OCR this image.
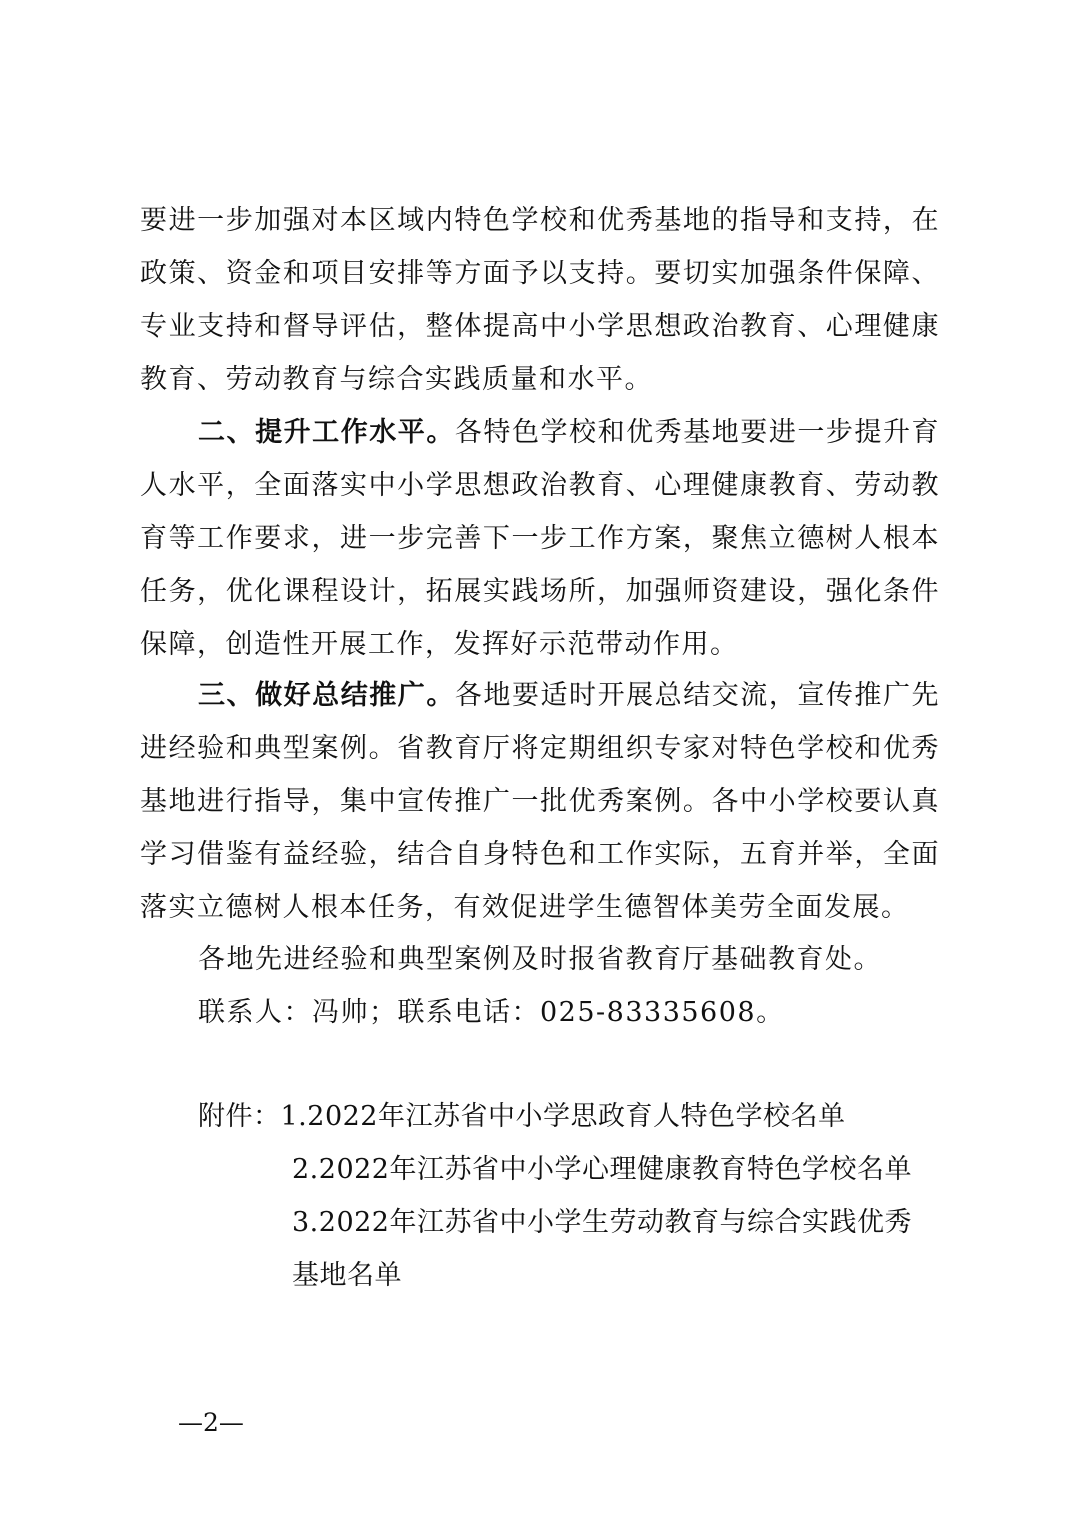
要进一步加强对本区域内特色学校和优秀基地的指导和支持，在
政策、资金和项目安排等方面予以支持。要切实加强条件保障、
专业支持和督导评估，整体提高中小学思想政治教育、心理健康
教育、劳动教育与综合实践质量和水平。
二、提升工作水平。各特色学校和优秀基地要进一步提升育
人水平，全面落实中小学思想政治教育、心理健康教育、劳动教
育等工作要求，进一步完善下一步工作方案，聚焦立德树人根本
任务，优化课程设计，拓展实践场所，加强师资建设，强化条件
保障，创造性开展工作，发挥好示范带动作用。
三、做好总结推广。各地要适时开展总结交流，宣传推广先
进经验和典型案例。省教育厅将定期组织专家对特色学校和优秀
基地进行指导，集中宣传推广一批优秀案例。各中小学校要认真
学习借鉴有益经验，结合自身特色和工作实际，五育并举，全面
落实立德树人根本任务，有效促进学生德智体美劳全面发展。
各地先进经验和典型案例及时报省教育厅基础教育处。
联系人：冯帅；联系电话：025-83335608。
附件：1.2022年江苏省中小学思政育人特色学校名单
2.2022年江苏省中小学心理健康教育特色学校名单
3.2022年江苏省中小学生劳动教育与综合实践优秀
基地名单
—2—
